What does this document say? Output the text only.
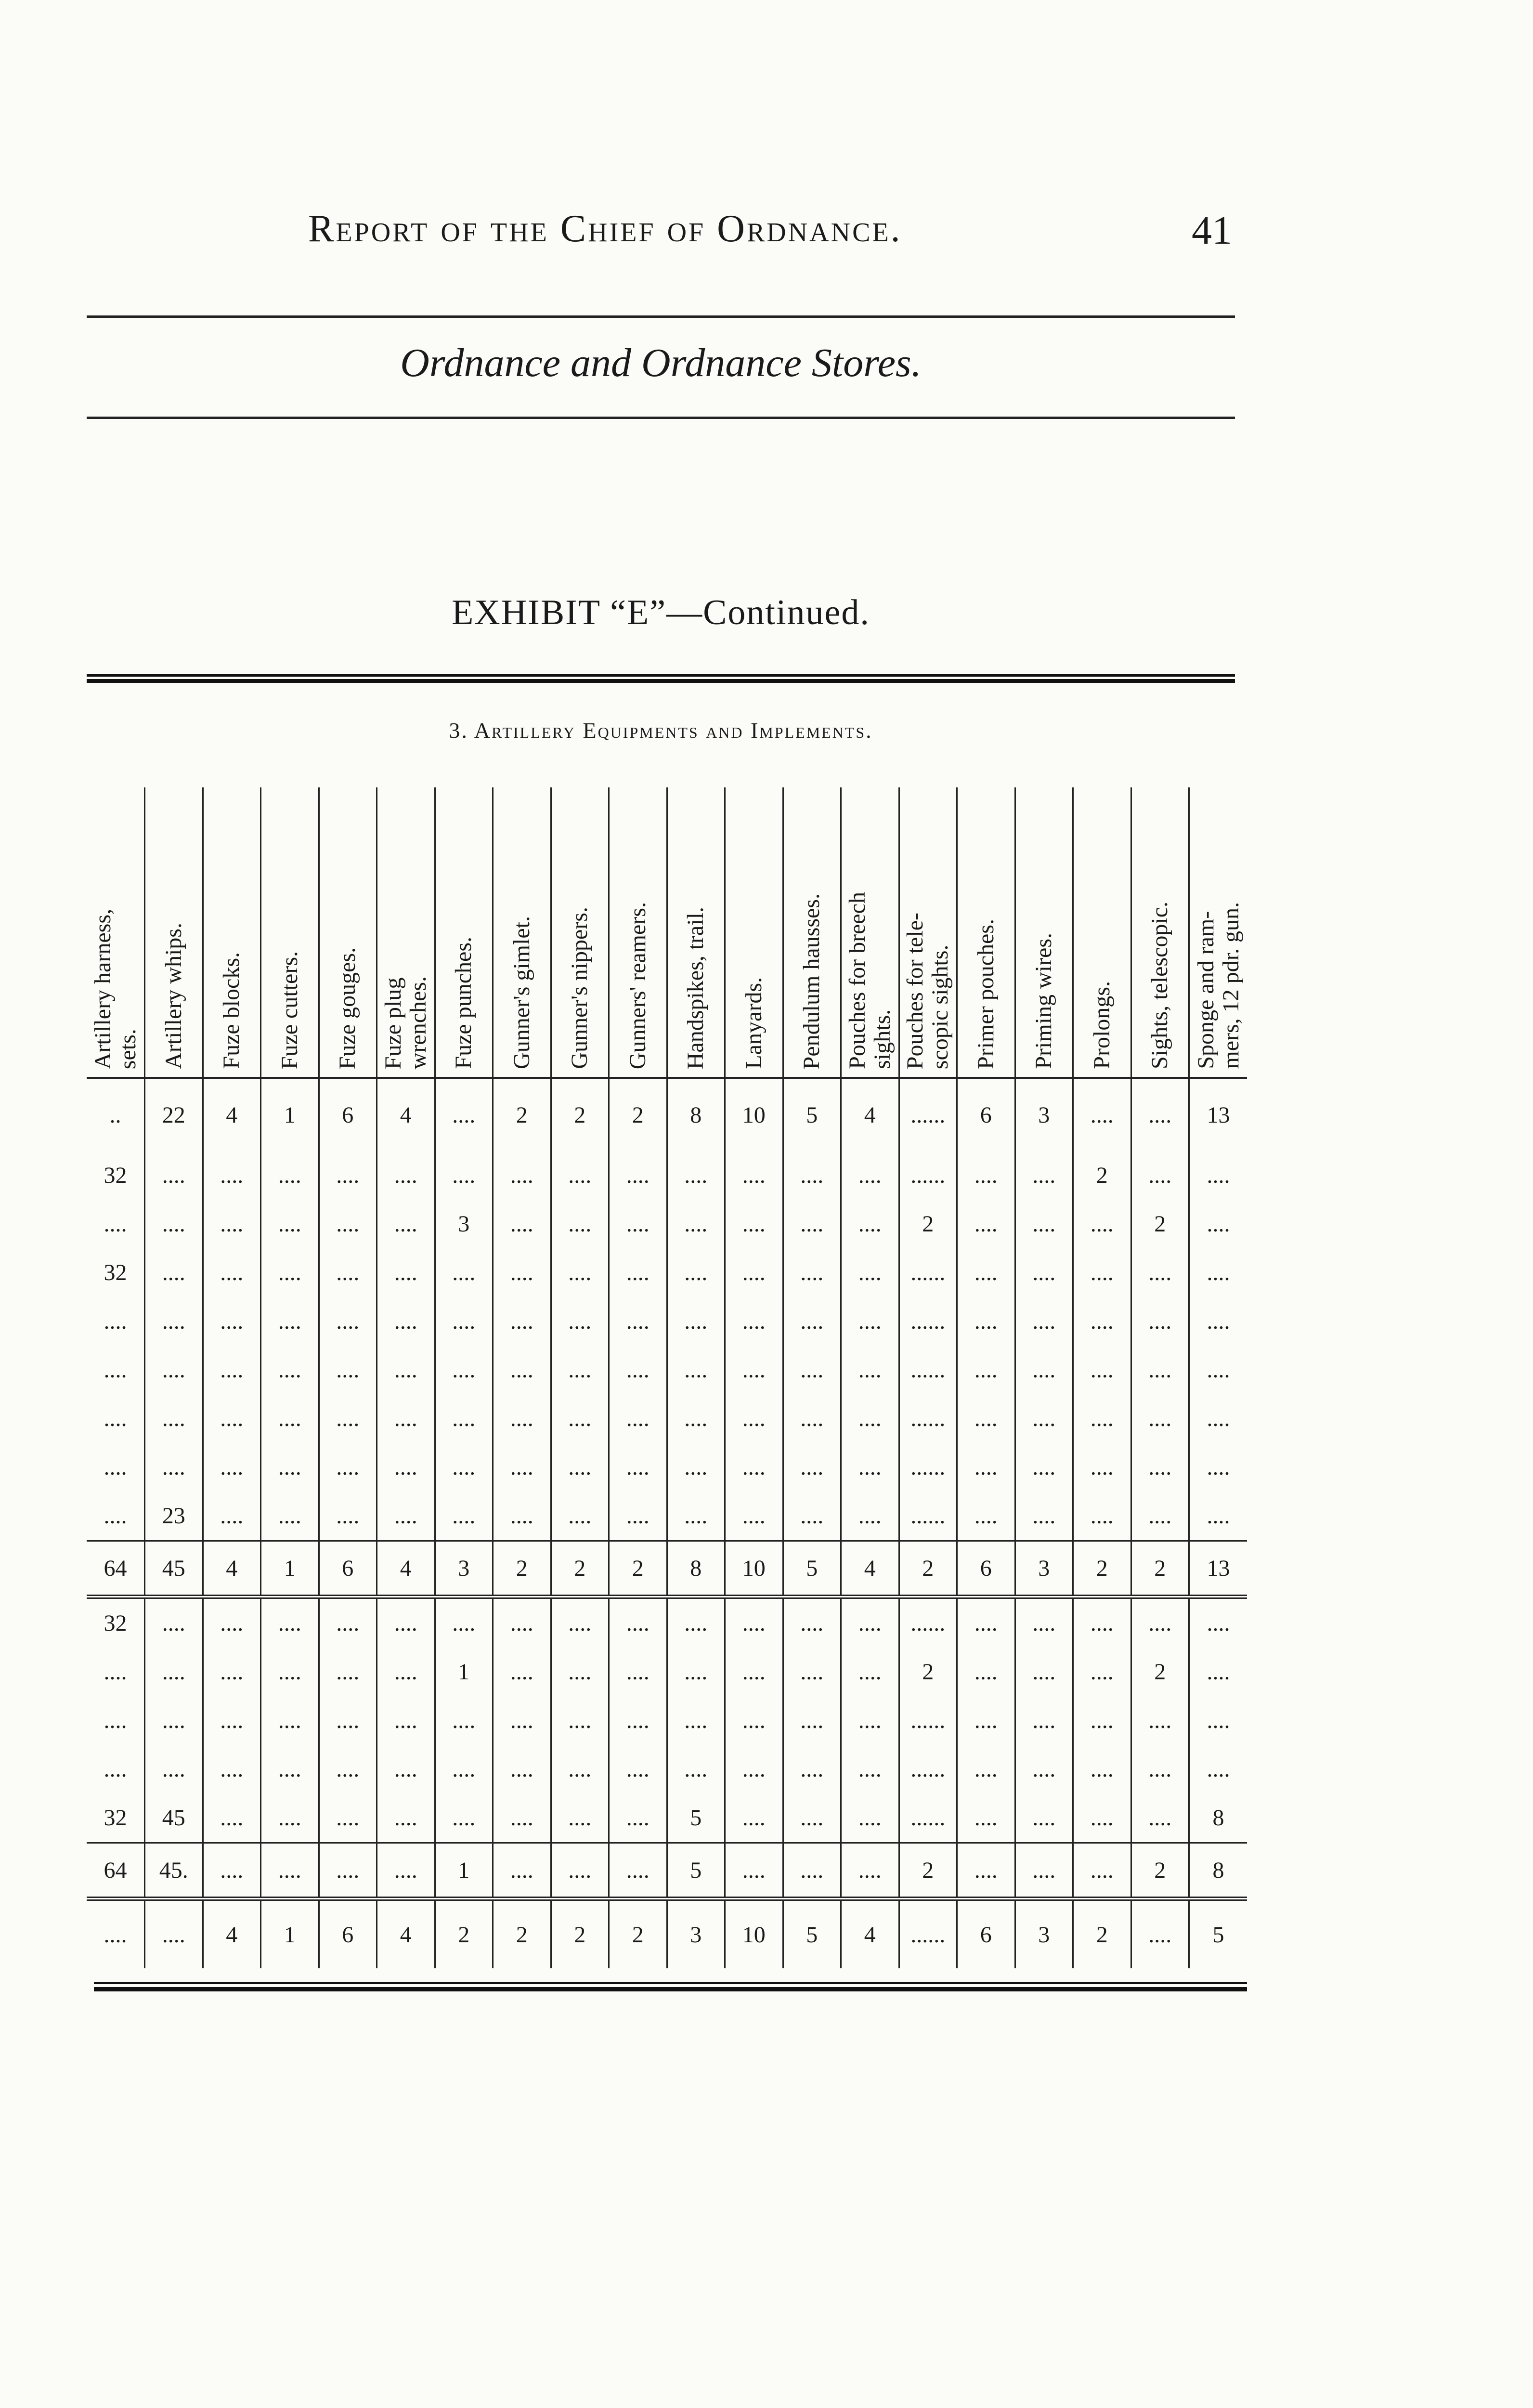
Report of the Chief of Ordnance.	41
Ordnance and Ordnance Stores.
EXHIBIT “E”—Continued.
3. Artillery Equipments and Implements.
Artillery harness,
sets.	Artillery whips.	Fuze blocks.	Fuze cutters.	Fuze gouges.	Fuze plug
wrenches.	Fuze punches.	Gunner's gimlet.	Gunner's nippers.	Gunners' reamers.	Handspikes, trail.	Lanyards.	Pendulum hausses.	Pouches for breech
sights.	Pouches for tele-
scopic sights.	Primer pouches.	Priming wires.	Prolongs.	Sights, telescopic.	Sponge and ram-
mers, 12 pdr. gun.

..	22	4	1	6	4	....	2	2	2	8	10	5	4	......	6	3	....	....	13
32	....	....	....	....	....	....	....	....	....	....	....	....	....	......	....	....	2	....	....
....	....	....	....	....	....	3	....	....	....	....	....	....	....	2	....	....	....	2	....
32	....	....	....	....	....	....	....	....	....	....	....	....	....	......	....	....	....	....	....
....	....	....	....	....	....	....	....	....	....	....	....	....	....	......	....	....	....	....	....
....	....	....	....	....	....	....	....	....	....	....	....	....	....	......	....	....	....	....	....
....	....	....	....	....	....	....	....	....	....	....	....	....	....	......	....	....	....	....	....
....	....	....	....	....	....	....	....	....	....	....	....	....	....	......	....	....	....	....	....
....	23	....	....	....	....	....	....	....	....	....	....	....	....	......	....	....	....	....	....
64	45	4	1	6	4	3	2	2	2	8	10	5	4	2	6	3	2	2	13
32	....	....	....	....	....	....	....	....	....	....	....	....	....	......	....	....	....	....	....
....	....	....	....	....	....	1	....	....	....	....	....	....	....	2	....	....	....	2	....
....	....	....	....	....	....	....	....	....	....	....	....	....	....	......	....	....	....	....	....
....	....	....	....	....	....	....	....	....	....	....	....	....	....	......	....	....	....	....	....
32	45	....	....	....	....	....	....	....	....	5	....	....	....	......	....	....	....	....	8
64	45.	....	....	....	....	1	....	....	....	5	....	....	....	2	....	....	....	2	8
....	....	4	1	6	4	2	2	2	2	3	10	5	4	......	6	3	2	....	5
